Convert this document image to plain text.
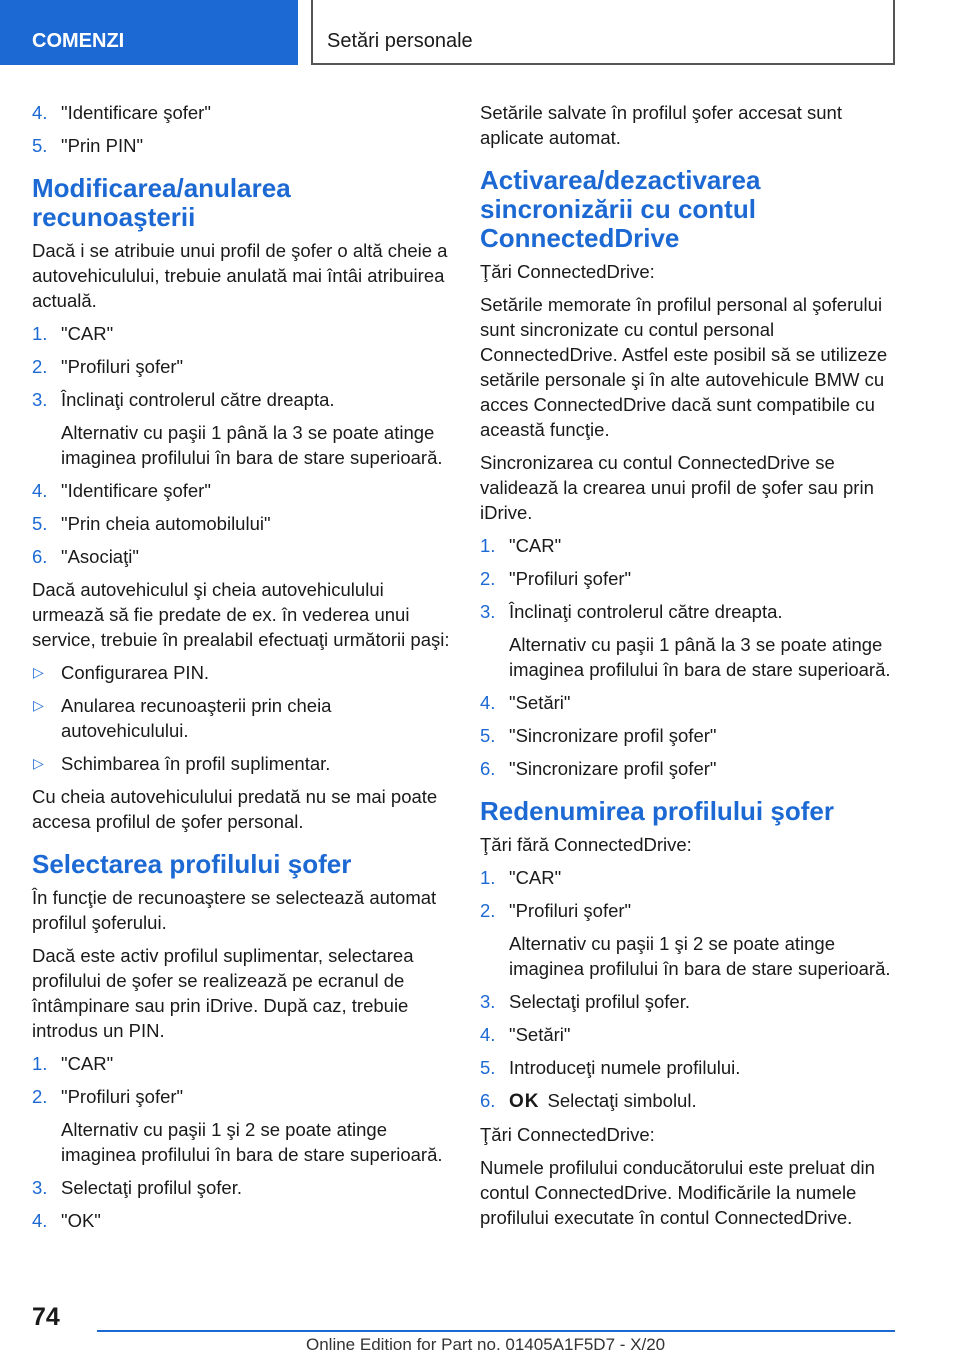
COMENZI	Setări personale
4. "Identificare şofer"
5. "Prin PIN"
Modificarea/anularea recunoaşterii

Dacă i se atribuie unui profil de şofer o altă cheie a autovehiculului, trebuie anulată mai întâi atribuirea actuală.

1. "CAR"
2. "Profiluri şofer"
3. Înclinaţi controlerul către dreapta.
Alternativ cu paşii 1 până la 3 se poate atinge imaginea profilului în bara de stare superioară.
4. "Identificare şofer"
5. "Prin cheia automobilului"
6. "Asociaţi"

Dacă autovehiculul şi cheia autovehiculului urmează să fie predate de ex. în vederea unui service, trebuie în prealabil efectuaţi următorii paşi:

▷ Configurarea PIN.
▷ Anularea recunoaşterii prin cheia autovehiculului.
▷ Schimbarea în profil suplimentar.

Cu cheia autovehiculului predată nu se mai poate accesa profilul de şofer personal.

Selectarea profilului şofer

În funcţie de recunoaştere se selectează automat profilul şoferului.

Dacă este activ profilul suplimentar, selectarea profilului de şofer se realizează pe ecranul de întâmpinare sau prin iDrive. După caz, trebuie introdus un PIN.

1. "CAR"
2. "Profiluri şofer"
Alternativ cu paşii 1 şi 2 se poate atinge imaginea profilului în bara de stare superioară.
3. Selectaţi profilul şofer.
4. "OK"

Setările salvate în profilul şofer accesat sunt aplicate automat.

Activarea/dezactivarea sincronizării cu contul ConnectedDrive

Ţări ConnectedDrive:

Setările memorate în profilul personal al şoferului sunt sincronizate cu contul personal ConnectedDrive. Astfel este posibil să se utilizeze setările personale şi în alte autovehicule BMW cu acces ConnectedDrive dacă sunt compatibile cu această funcţie.

Sincronizarea cu contul ConnectedDrive se validează la crearea unui profil de şofer sau prin iDrive.

1. "CAR"
2. "Profiluri şofer"
3. Înclinaţi controlerul către dreapta.
Alternativ cu paşii 1 până la 3 se poate atinge imaginea profilului în bara de stare superioară.
4. "Setări"
5. "Sincronizare profil şofer"
6. "Sincronizare profil şofer"
Redenumirea profilului şofer

Ţări fără ConnectedDrive:

1. "CAR"
2. "Profiluri şofer"
Alternativ cu paşii 1 şi 2 se poate atinge imaginea profilului în bara de stare superioară.
3. Selectaţi profilul şofer.
4. "Setări"
5. Introduceţi numele profilului.
6. OK Selectaţi simbolul.

Ţări ConnectedDrive:

Numele profilului conducătorului este preluat din contul ConnectedDrive. Modificările la numele profilului executate în contul ConnectedDrive.

74
Online Edition for Part no. 01405A1F5D7 - X/20
